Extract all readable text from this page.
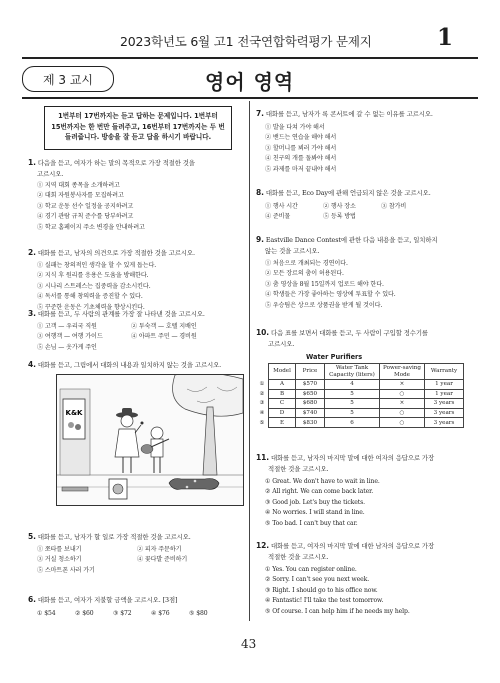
2023학년도 6월 고1 전국연합학력평가 문제지	1
제 3 교시	영어 영역
1번부터 17번까지는 듣고 답하는 문제입니다. 1번부터
15번까지는 한 번만 들려주고, 16번부터 17번까지는 두 번
들려줍니다. 방송을 잘 듣고 답을 하시기 바랍니다.
1. 다음을 듣고, 여자가 하는 말의 목적으로 가장 적절한 것을
고르시오.
① 지역 대회 종목을 소개하려고
② 대회 자원봉사자를 모집하려고
③ 학교 운동 선수 일정을 공지하려고
④ 경기 관람 규칙 준수를 당부하려고
⑤ 학교 홈페이지 주소 변경을 안내하려고
2. 대화를 듣고, 남자의 의견으로 가장 적절한 것을 고르시오.
① 실패는 창의적인 생각을 할 수 있게 돕는다.
② 지식 후 원리를 응용은 도움을 방해한다.
③ 시나리 스트레스는 집중력을 감소시킨다.
④ 독서를 통해 창의력을 증진할 수 있다.
⑤ 꾸준한 운동은 기초체력을 향상시킨다.
3. 대화를 듣고, 두 사람의 관계를 가장 잘 나타낸 것을 고르시오.
① 고객 — 우리국 직원	② 투숙객 — 호텔 지배인
③ 여행객 — 여행 가이드	④ 아파트 주민 — 경비원
⑤ 손님 — 옷가게 주인
4. 대화를 듣고, 그림에서 대화의 내용과 일치하지 않는 것을 고르시오.
K&K
5. 대화를 듣고, 남자가 할 일로 가장 적절한 것을 고르시오.
① 쪼타를 보내기	② 피자 주문하기
③ 거실 청소하기	④ 꽃다발 준비하기
⑤ 스마트폰 사러 가기
6. 대화를 듣고, 여자가 지불할 금액을 고르시오. [3점]
① $54	② $60	③ $72	④ $76	⑤ $80
7. 대화를 듣고, 남자가 록 콘서트에 갈 수 없는 이유를 고르시오.
① 발을 다쳐 가야 해서
② 밴드는 연습을 해야 해서
③ 할머니를 뵈러 가야 해서
④ 친구의 개를 돌봐야 해서
⑤ 과제를 마저 끝내야 해서
8. 대화를 듣고, Eco Day에 관해 언급되지 않은 것을 고르시오.
① 행사 시간	② 행사 장소	③ 참가비
④ 준비물	⑤ 등록 방법
9. Eastville Dance Contest에 관한 다음 내용을 듣고, 일치하지
않는 것을 고르시오.
① 처음으로 개최되는 경연이다.
② 모든 장르의 춤이 허용된다.
③ 춤 영상을 8월 15일까지 업로드 해야 한다.
④ 학생들은 가장 좋아하는 영상에 투표할 수 있다.
⑤ 우승팀은 상으로 상품권을 받게 될 것이다.
10. 다음 표를 보면서 대화를 듣고, 두 사람이 구입할 정수기를
고르시오.
Water Purifiers
	Model	Price	Water Tank Capacity (liters)	Power-saving Mode	Warranty
①	A	$570	4	×	1 year
②	B	$650	5	○	1 year
③	C	$680	5	×	3 years
④	D	$740	5	○	3 years
⑤	E	$830	6	○	3 years
11. 대화를 듣고, 남자의 마지막 말에 대한 여자의 응답으로 가장
적절한 것을 고르시오.
① Great. We don't have to wait in line.
② All right. We can come back later.
③ Good job. Let's buy the tickets.
④ No worries. I will stand in line.
⑤ Too bad. I can't buy that car.
12. 대화를 듣고, 여자의 마지막 말에 대한 남자의 응답으로 가장
적절한 것을 고르시오.
① Yes. You can register online.
② Sorry. I can't see you next week.
③ Right. I should go to his office now.
④ Fantastic! I'll take the test tomorrow.
⑤ Of course. I can help him if he needs my help.
43
